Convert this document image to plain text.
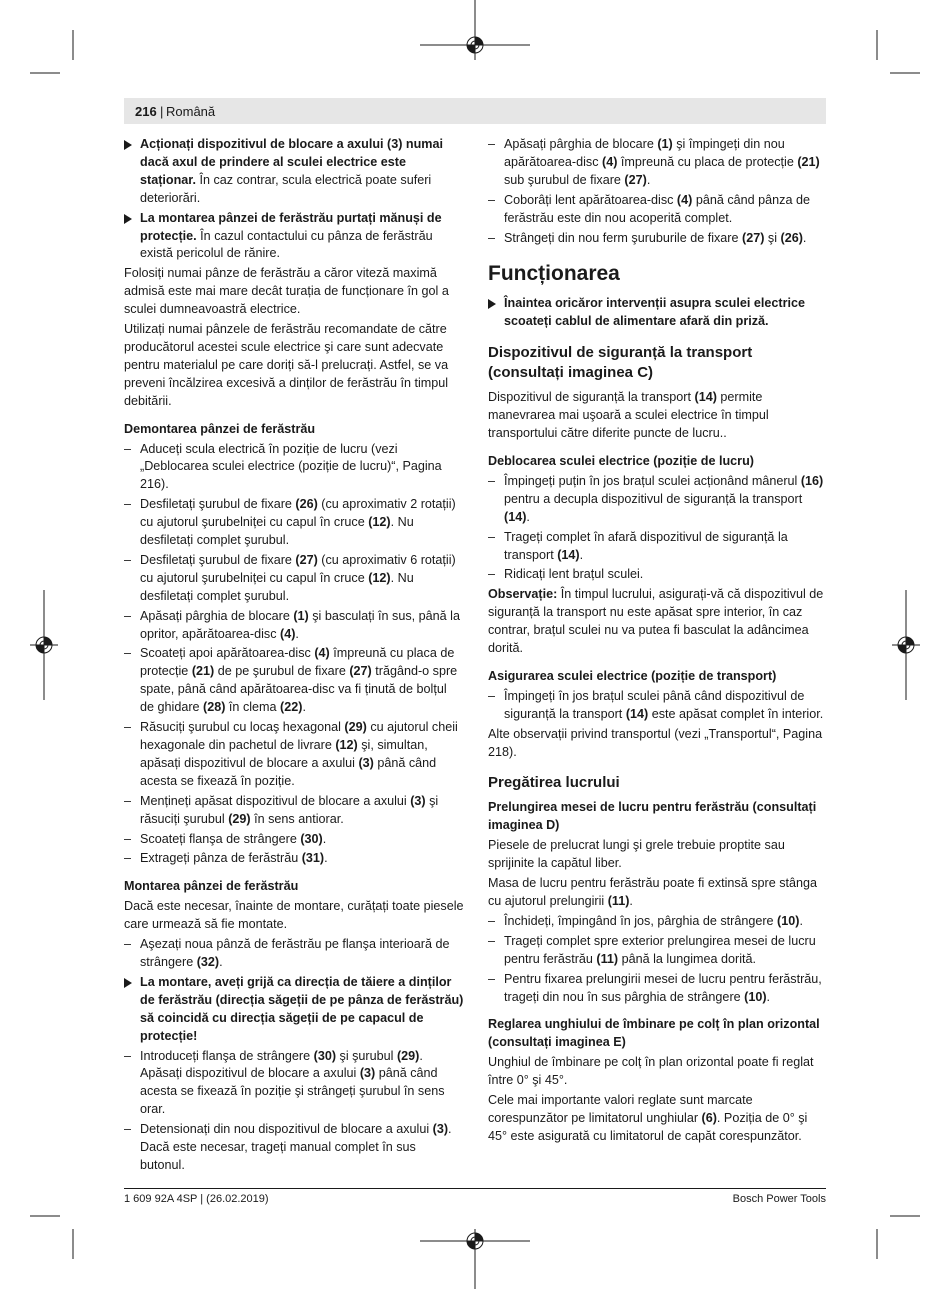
216 | Română
Acționați dispozitivul de blocare a axului (3) numai dacă axul de prindere al sculei electrice este staționar. În caz contrar, scula electrică poate suferi deteriorări.
La montarea pânzei de ferăstrău purtați mănuși de protecție. În cazul contactului cu pânza de ferăstrău există pericolul de rănire.

Folosiți numai pânze de ferăstrău a căror viteză maximă admisă este mai mare decât turația de funcționare în gol a sculei dumneavoastră electrice.

Utilizați numai pânzele de ferăstrău recomandate de către producătorul acestei scule electrice şi care sunt adecvate pentru materialul pe care doriți să-l prelucrați. Astfel, se va preveni încălzirea excesivă a dinților de ferăstrău în timpul debitării.

Demontarea pânzei de ferăstrău
– Aduceți scula electrică în poziție de lucru (vezi „Deblocarea sculei electrice (poziție de lucru)“, Pagina 216).
– Desfiletați şurubul de fixare (26) (cu aproximativ 2 rotații) cu ajutorul şurubelniței cu capul în cruce (12). Nu desfiletați complet şurubul.
– Desfiletați şurubul de fixare (27) (cu aproximativ 6 rotații) cu ajutorul şurubelniței cu capul în cruce (12). Nu desfiletați complet şurubul.
– Apăsați pârghia de blocare (1) şi basculați în sus, până la opritor, apărătoarea-disc (4).
– Scoateți apoi apărătoarea-disc (4) împreună cu placa de protecție (21) de pe şurubul de fixare (27) trăgând-o spre spate, până când apărătoarea-disc va fi ținută de bolțul de ghidare (28) în clema (22).
– Răsuciți şurubul cu locaş hexagonal (29) cu ajutorul cheii hexagonale din pachetul de livrare (12) şi, simultan, apăsați dispozitivul de blocare a axului (3) până când acesta se fixează în poziție.
– Mențineți apăsat dispozitivul de blocare a axului (3) şi răsuciți şurubul (29) în sens antiorar.
– Scoateți flanşa de strângere (30).
– Extrageți pânza de ferăstrău (31).
Montarea pânzei de ferăstrău

Dacă este necesar, înainte de montare, curățați toate piesele care urmează să fie montate.

– Aşezați noua pânză de ferăstrău pe flanşa interioară de strângere (32).
La montare, aveți grijă ca direcția de tăiere a dinților de ferăstrău (direcția săgeții de pe pânza de ferăstrău) să coincidă cu direcția săgeții de pe capacul de protecție!
– Introduceți flanşa de strângere (30) şi şurubul (29). Apăsați dispozitivul de blocare a axului (3) până când acesta se fixează în poziție şi strângeți şurubul în sens orar.
– Detensionați din nou dispozitivul de blocare a axului (3). Dacă este necesar, trageți manual complet în sus butonul.
– Apăsați pârghia de blocare (1) şi împingeți din nou apărătoarea-disc (4) împreună cu placa de protecție (21) sub şurubul de fixare (27).
– Coborâți lent apărătoarea-disc (4) până când pânza de ferăstrău este din nou acoperită complet.
– Strângeți din nou ferm şuruburile de fixare (27) şi (26).
Funcționarea
Înaintea oricăror intervenții asupra sculei electrice scoateți cablul de alimentare afară din priză.
Dispozitivul de siguranță la transport (consultați imaginea C)

Dispozitivul de siguranță la transport (14) permite manevrarea mai uşoară a sculei electrice în timpul transportului către diferite puncte de lucru..

Deblocarea sculei electrice (poziție de lucru)
– Împingeți puțin în jos brațul sculei acționând mânerul (16) pentru a decupla dispozitivul de siguranță la transport (14).
– Trageți complet în afară dispozitivul de siguranță la transport (14).
– Ridicați lent brațul sculei.

Observație: În timpul lucrului, asigurați-vă că dispozitivul de siguranță la transport nu este apăsat spre interior, în caz contrar, brațul sculei nu va putea fi basculat la adâncimea dorită.

Asigurarea sculei electrice (poziție de transport)
– Împingeți în jos brațul sculei până când dispozitivul de siguranță la transport (14) este apăsat complet în interior.

Alte observații privind transportul (vezi „Transportul“, Pagina 218).

Pregătirea lucrului
Prelungirea mesei de lucru pentru ferăstrău (consultați imaginea D)

Piesele de prelucrat lungi şi grele trebuie proptite sau sprijinite la capătul liber.

Masa de lucru pentru ferăstrău poate fi extinsă spre stânga cu ajutorul prelungirii (11).

– Închideți, împingând în jos, pârghia de strângere (10).
– Trageți complet spre exterior prelungirea mesei de lucru pentru ferăstrău (11) până la lungimea dorită.
– Pentru fixarea prelungirii mesei de lucru pentru ferăstrău, trageți din nou în sus pârghia de strângere (10).
Reglarea unghiului de îmbinare pe colț în plan orizontal (consultați imaginea E)

Unghiul de îmbinare pe colț în plan orizontal poate fi reglat între 0° şi 45°.

Cele mai importante valori reglate sunt marcate corespunzător pe limitatorul unghiular (6). Poziția de 0° şi 45° este asigurată cu limitatorul de capăt corespunzător.

1 609 92A 4SP | (26.02.2019)	Bosch Power Tools
